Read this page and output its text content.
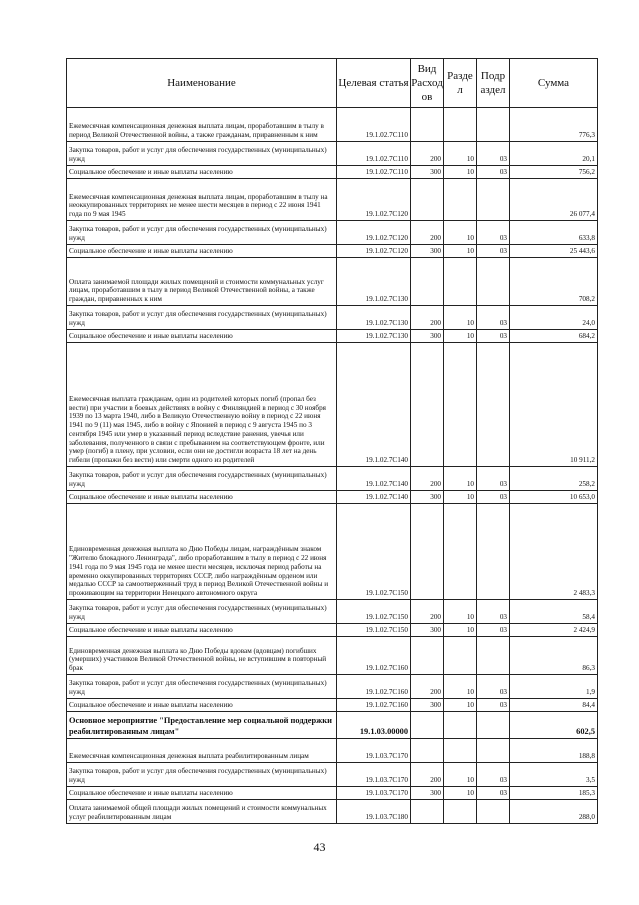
Наименование	Целевая статья	Вид Расход ов	Разде л	Подр аздел	Сумма
Ежемесячная компенсационная денежная выплата лицам, проработавшим в тылу в период Великой Отечественной войны, а также гражданам, приравненным к ним	19.1.02.7С110				776,3
Закупка товаров, работ и услуг для обеспечения государственных (муниципальных) нужд	19.1.02.7С110	200	10	03	20,1
Социальное обеспечение и иные выплаты населению	19.1.02.7С110	300	10	03	756,2
Ежемесячная компенсационная денежная выплата лицам, проработавшим в тылу на неоккупированных территориях не менее шести месяцев в период с 22 июня 1941 года по 9 мая 1945	19.1.02.7С120				26 077,4
Закупка товаров, работ и услуг для обеспечения государственных (муниципальных) нужд	19.1.02.7С120	200	10	03	633,8
Социальное обеспечение и иные выплаты населению	19.1.02.7С120	300	10	03	25 443,6
Оплата занимаемой площади жилых помещений и стоимости коммунальных услуг лицам, проработавшим в тылу в период Великой Отечественной войны, а также граждан, приравненных к ним	19.1.02.7С130				708,2
Закупка товаров, работ и услуг для обеспечения государственных (муниципальных) нужд	19.1.02.7С130	200	10	03	24,0
Социальное обеспечение и иные выплаты населению	19.1.02.7С130	300	10	03	684,2
Ежемесячная выплата гражданам, один из родителей которых погиб (пропал без вести) при участии в боевых действиях в войну с Финляндией в период с 30 ноября 1939 по 13 марта 1940, либо в Великую Отечественную войну в период с 22 июня 1941 по 9 (11) мая 1945, либо в войну с Японией в период с 9 августа 1945 по 3 сентября 1945 или умер в указанный период вследствие ранения, увечья или заболевания, полученного в связи с пребыванием на соответствующем фронте, или умер (погиб) в плену, при условии, если они не достигли возраста 18 лет на день гибели (пропажи без вести) или смерти одного из родителей	19.1.02.7С140				10 911,2
Закупка товаров, работ и услуг для обеспечения государственных (муниципальных) нужд	19.1.02.7С140	200	10	03	258,2
Социальное обеспечение и иные выплаты населению	19.1.02.7С140	300	10	03	10 653,0
Единовременная денежная выплата ко Дню Победы лицам, награждённым знаком "Жителю блокадного Ленинграда", либо проработавшим в тылу в период с 22 июня 1941 года по 9 мая 1945 года не менее шести месяцев, исключая период работы на временно оккупированных территориях СССР, либо награждённым орденом или медалью СССР за самоотверженный труд в период Великой Отечественной войны и проживающим на территории Ненецкого автономного округа	19.1.02.7С150				2 483,3
Закупка товаров, работ и услуг для обеспечения государственных (муниципальных) нужд	19.1.02.7С150	200	10	03	58,4
Социальное обеспечение и иные выплаты населению	19.1.02.7С150	300	10	03	2 424,9
Единовременная денежная выплата ко Дню Победы вдовам (вдовцам) погибших (умерших) участников Великой Отечественной войны, не вступившим в повторный брак	19.1.02.7С160				86,3
Закупка товаров, работ и услуг для обеспечения государственных (муниципальных) нужд	19.1.02.7С160	200	10	03	1,9
Социальное обеспечение и иные выплаты населению	19.1.02.7С160	300	10	03	84,4
Основное мероприятие "Предоставление мер социальной поддержки реабилитированным лицам"	19.1.03.00000				602,5
Ежемесячная компенсационная денежная выплата реабилитированным лицам	19.1.03.7С170				188,8
Закупка товаров, работ и услуг для обеспечения государственных (муниципальных) нужд	19.1.03.7С170	200	10	03	3,5
Социальное обеспечение и иные выплаты населению	19.1.03.7С170	300	10	03	185,3
Оплата занимаемой общей площади жилых помещений и стоимости коммунальных услуг реабилитированным лицам	19.1.03.7С180				288,0
43
